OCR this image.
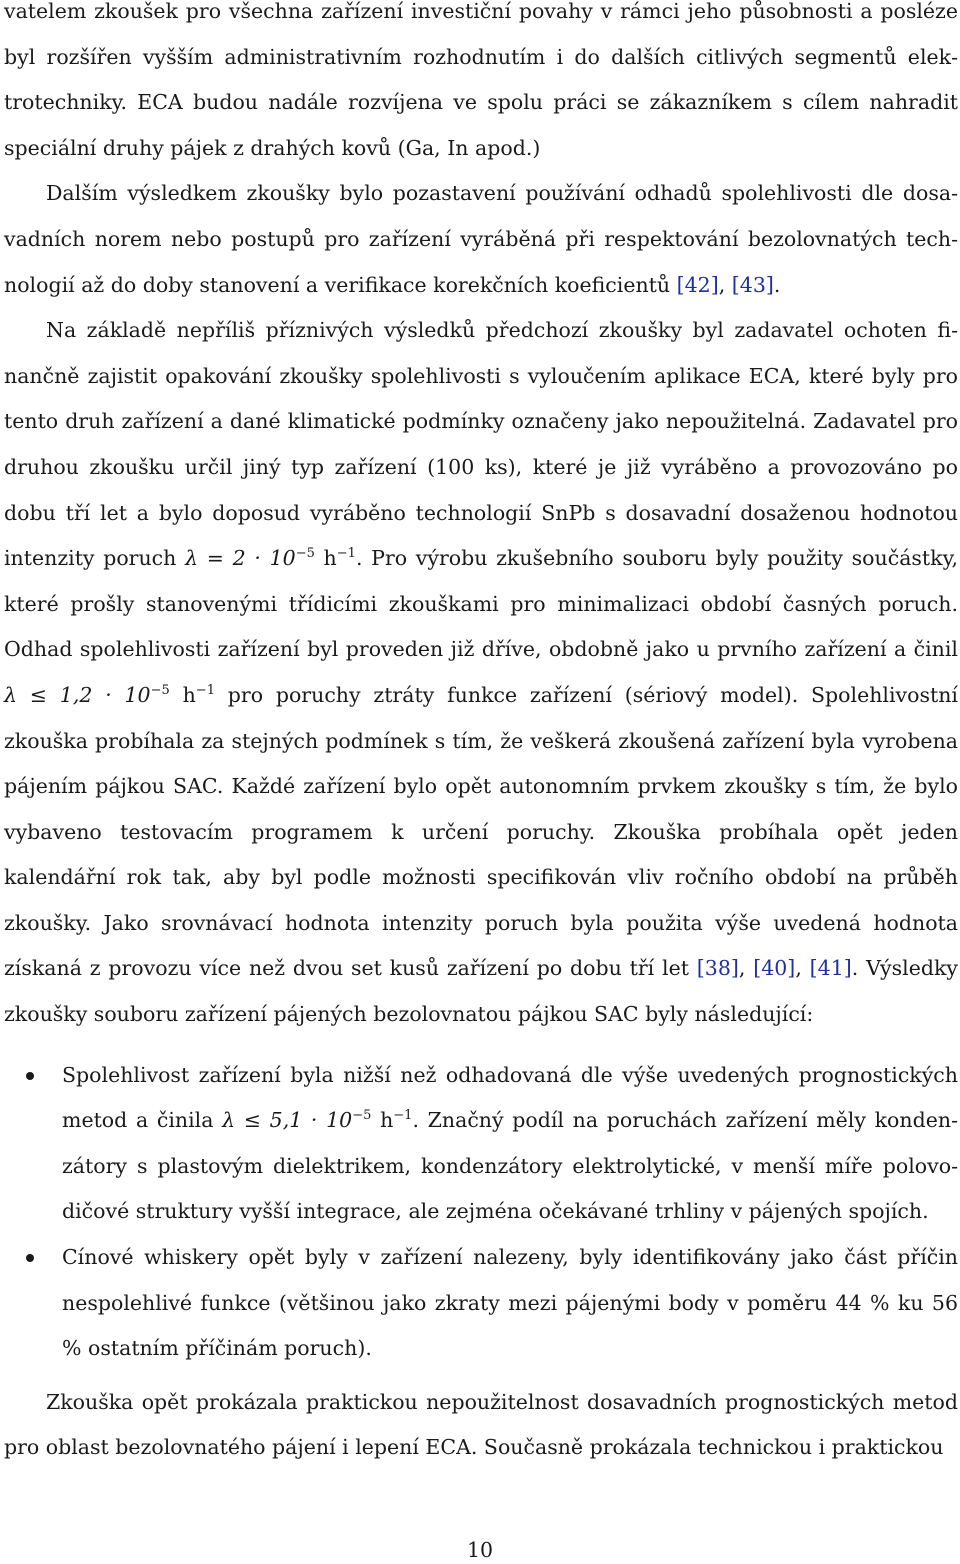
vatelem zkoušek pro všechna zařízení investiční povahy v rámci jeho působnosti a posléze byl rozšířen vyšším administrativním rozhodnutím i do dalších citlivých segmentů elektrotechniky. ECA budou nadále rozvíjena ve spolu práci se zákazníkem s cílem nahradit speciální druhy pájek z drahých kovů (Ga, In apod.)

Dalším výsledkem zkoušky bylo pozastavení používání odhadů spolehlivosti dle dosavadních norem nebo postupů pro zařízení vyráběná při respektování bezolovnatých technologií až do doby stanovení a verifikace korekčních koeficientů [42], [43].

Na základě nepříliš příznivých výsledků předchozí zkoušky byl zadavatel ochoten finančně zajistit opakování zkoušky spolehlivosti s vyloučením aplikace ECA, které byly pro tento druh zařízení a dané klimatické podmínky označeny jako nepoužitelná. Zadavatel pro druhou zkoušku určil jiný typ zařízení (100 ks), které je již vyráběno a provozováno po dobu tří let a bylo doposud vyráběno technologií SnPb s dosavadní dosaženou hodnotou intenzity poruch $\lambda = 2 \cdot 10^{-5}$ $h^{-1}$. Pro výrobu zkušebního souboru byly použity součástky, které prošly stanovenými třídicími zkouškami pro minimalizaci období časných poruch. Odhad spolehlivosti zařízení byl proveden již dříve, obdobně jako u prvního zařízení a činil $\lambda \le 1,2 \cdot 10^{-5}$ $h^{-1}$ pro poruchy ztráty funkce zařízení (sériový model). Spolehlivostní zkouška probíhala za stejných podmínek s tím, že veškerá zkoušená zařízení byla vyrobena pájením pájkou SAC. Každé zařízení bylo opět autonomním prvkem zkoušky s tím, že bylo vybaveno testovacím programem k určení poruchy. Zkouška probíhala opět jeden kalendářní rok tak, aby byl podle možnosti specifikován vliv ročního období na průběh zkoušky. Jako srovnávací hodnota intenzity poruch byla použita výše uvedená hodnota získaná z provozu více než dvou set kusů zařízení po dobu tří let [38], [40], [41]. Výsledky zkoušky souboru zařízení pájených bezolovnatou pájkou SAC byly následující:

Spolehlivost zařízení byla nižší než odhadovaná dle výše uvedených prognostických metod a činila $\lambda \le 5,1 \cdot 10^{-5}$ $h^{-1}$. Značný podíl na poruchách zařízení měly kondenzátory s plastovým dielektrikem, kondenzátory elektrolytické, v menší míře polovodičové struktury vyšší integrace, ale zejména očekávané trhliny v pájených spojích.
Cínové whiskery opět byly v zařízení nalezeny, byly identifikovány jako část příčin nespolehlivé funkce (většinou jako zkraty mezi pájenými body v poměru 44 % ku 56 % ostatním příčinám poruch).

Zkouška opět prokázala praktickou nepoužitelnost dosavadních prognostických metod pro oblast bezolovnatého pájení i lepení ECA. Současně prokázala technickou i praktickou

10
